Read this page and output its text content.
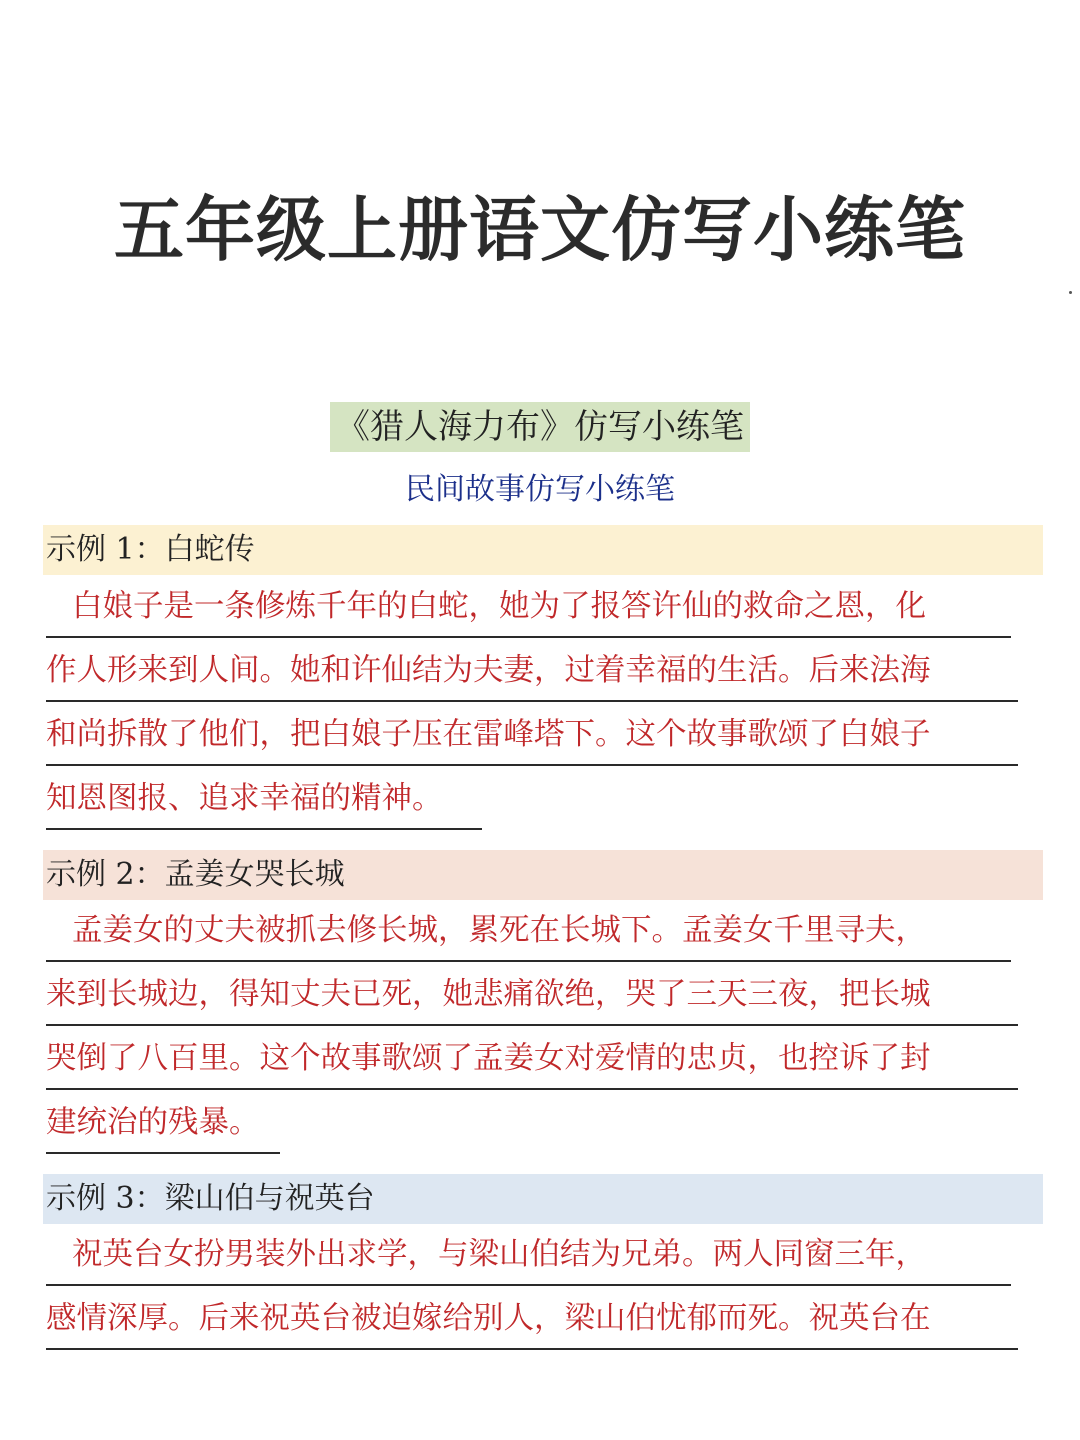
五年级上册语文仿写小练笔
《猎人海力布》仿写小练笔
民间故事仿写小练笔
示例 1：白蛇传
白娘子是一条修炼千年的白蛇，她为了报答许仙的救命之恩，化
作人形来到人间。她和许仙结为夫妻，过着幸福的生活。后来法海
和尚拆散了他们，把白娘子压在雷峰塔下。这个故事歌颂了白娘子
知恩图报、追求幸福的精神。
示例 2：孟姜女哭长城
孟姜女的丈夫被抓去修长城，累死在长城下。孟姜女千里寻夫，
来到长城边，得知丈夫已死，她悲痛欲绝，哭了三天三夜，把长城
哭倒了八百里。这个故事歌颂了孟姜女对爱情的忠贞，也控诉了封
建统治的残暴。
示例 3：梁山伯与祝英台
祝英台女扮男装外出求学，与梁山伯结为兄弟。两人同窗三年，
感情深厚。后来祝英台被迫嫁给别人，梁山伯忧郁而死。祝英台在
